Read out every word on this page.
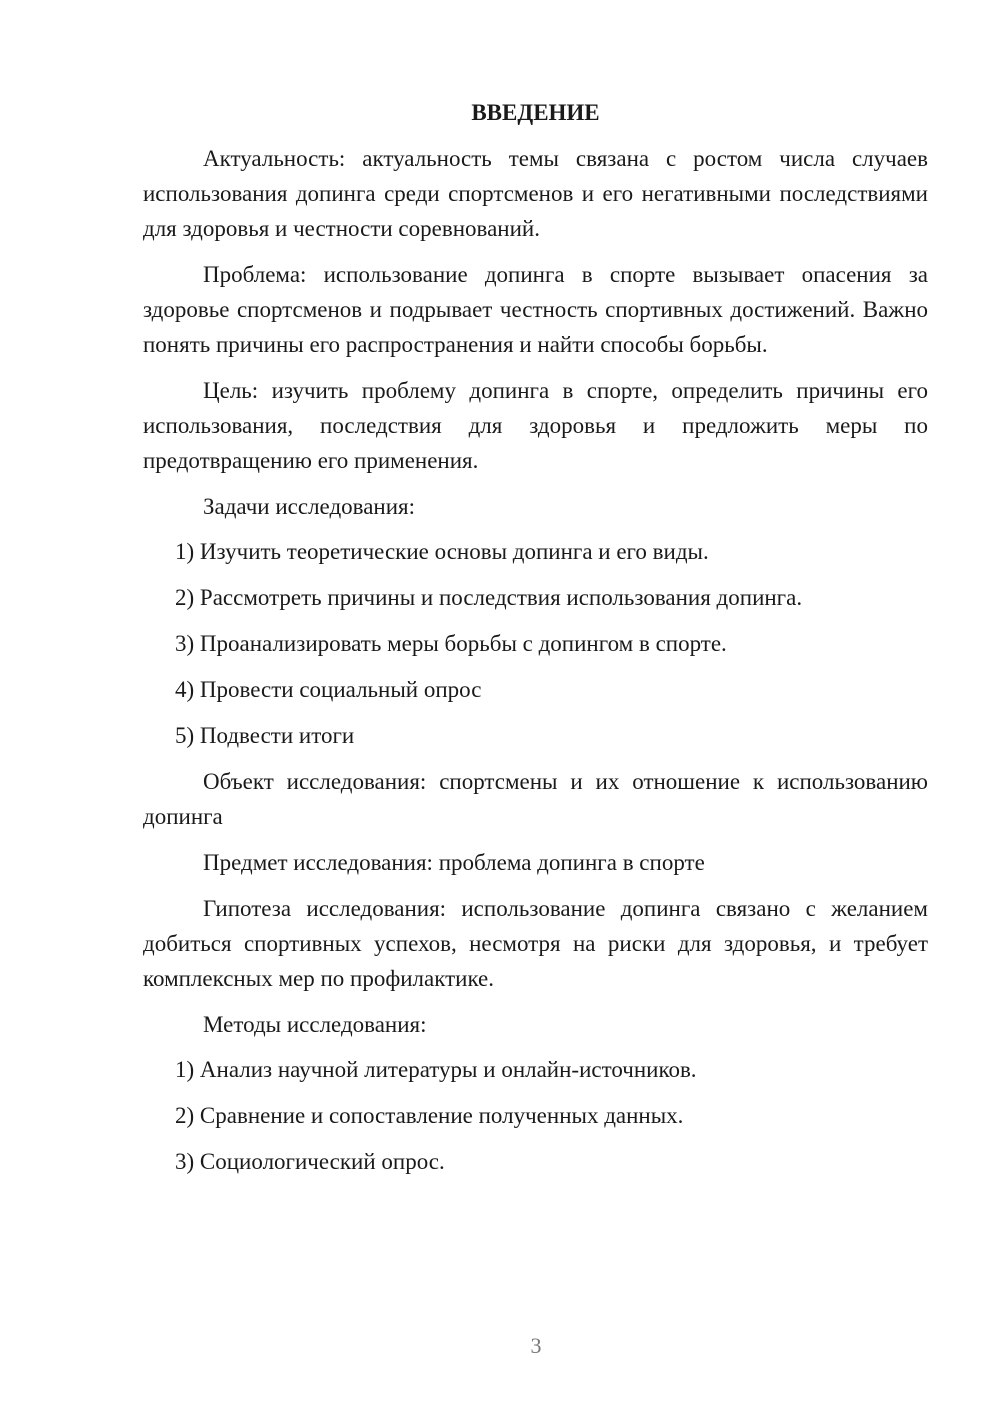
ВВЕДЕНИЕ

Актуальность: актуальность темы связана с ростом числа случаев использования допинга среди спортсменов и его негативными последствиями для здоровья и честности соревнований.

Проблема: использование допинга в спорте вызывает опасения за здоровье спортсменов и подрывает честность спортивных достижений. Важно понять причины его распространения и найти способы борьбы.

Цель: изучить проблему допинга в спорте, определить причины его использования, последствия для здоровья и предложить меры по предотвращению его применения.

Задачи исследования:

1) Изучить теоретические основы допинга и его виды.
2) Рассмотреть причины и последствия использования допинга.
3) Проанализировать меры борьбы с допингом в спорте.
4) Провести социальный опрос
5) Подвести итоги

Объект исследования: спортсмены и их отношение к использованию допинга

Предмет исследования: проблема допинга в спорте

Гипотеза исследования: использование допинга связано с желанием добиться спортивных успехов, несмотря на риски для здоровья, и требует комплексных мер по профилактике.

Методы исследования:

1) Анализ научной литературы и онлайн-источников.
2) Сравнение и сопоставление полученных данных.
3) Социологический опрос.
3
